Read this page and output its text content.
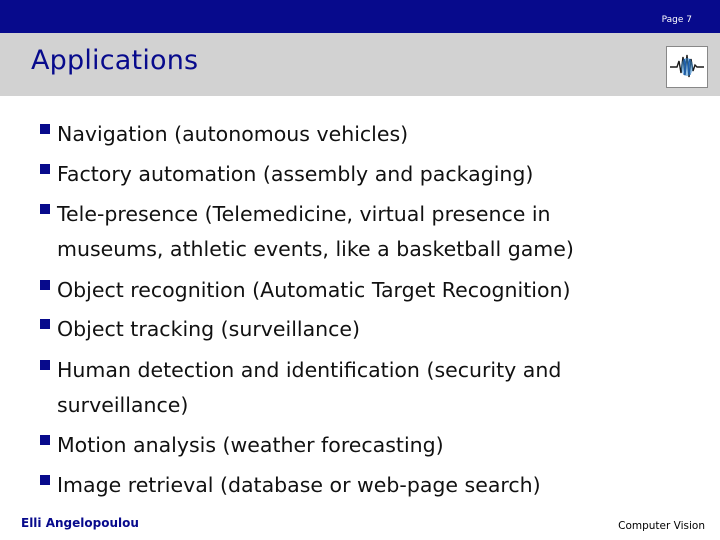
Page 7
Applications
Navigation (autonomous vehicles)
Factory automation (assembly and packaging)
Tele-presence (Telemedicine, virtual presence in
museums, athletic events, like a basketball game)
Object recognition (Automatic Target Recognition)
Object tracking (surveillance)
Human detection and identification (security and
surveillance)
Motion analysis (weather forecasting)
Image retrieval (database or web-page search)
Elli Angelopoulou	Computer Vision
